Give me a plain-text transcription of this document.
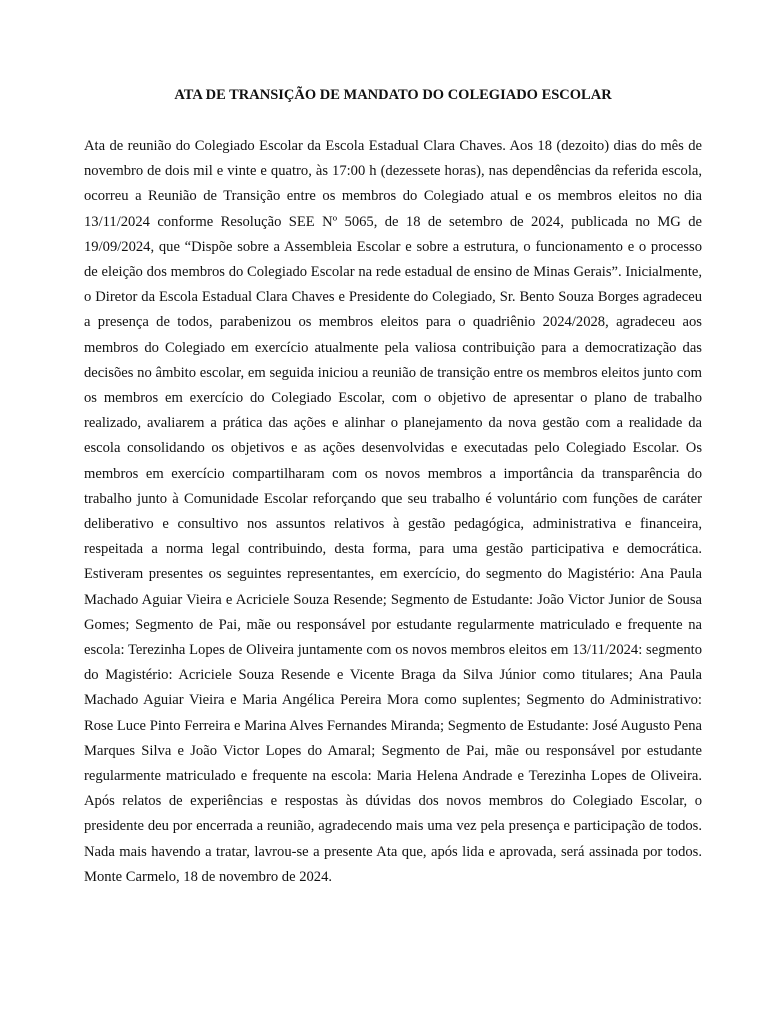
ATA DE TRANSIÇÃO DE MANDATO DO COLEGIADO ESCOLAR

Ata de reunião do Colegiado Escolar da Escola Estadual Clara Chaves. Aos 18 (dezoito) dias do mês de novembro de dois mil e vinte e quatro, às 17:00 h (dezessete horas), nas dependências da referida escola, ocorreu a Reunião de Transição entre os membros do Colegiado atual e os membros eleitos no dia 13/11/2024 conforme Resolução SEE Nº 5065, de 18 de setembro de 2024, publicada no MG de 19/09/2024, que “Dispõe sobre a Assembleia Escolar e sobre a estrutura, o funcionamento e o processo de eleição dos membros do Colegiado Escolar na rede estadual de ensino de Minas Gerais”. Inicialmente, o Diretor da Escola Estadual Clara Chaves e Presidente do Colegiado, Sr. Bento Souza Borges agradeceu a presença de todos, parabenizou os membros eleitos para o quadriênio 2024/2028, agradeceu aos membros do Colegiado em exercício atualmente pela valiosa contribuição para a democratização das decisões no âmbito escolar, em seguida iniciou a reunião de transição entre os membros eleitos junto com os membros em exercício do Colegiado Escolar, com o objetivo de apresentar o plano de trabalho realizado, avaliarem a prática das ações e alinhar o planejamento da nova gestão com a realidade da escola consolidando os objetivos e as ações desenvolvidas e executadas pelo Colegiado Escolar. Os membros em exercício compartilharam com os novos membros a importância da transparência do trabalho junto à Comunidade Escolar reforçando que seu trabalho é voluntário com funções de caráter deliberativo e consultivo nos assuntos relativos à gestão pedagógica, administrativa e financeira, respeitada a norma legal contribuindo, desta forma, para uma gestão participativa e democrática. Estiveram presentes os seguintes representantes, em exercício, do segmento do Magistério: Ana Paula Machado Aguiar Vieira e Acriciele Souza Resende; Segmento de Estudante: João Victor Junior de Sousa Gomes; Segmento de Pai, mãe ou responsável por estudante regularmente matriculado e frequente na escola: Terezinha Lopes de Oliveira juntamente com os novos membros eleitos em 13/11/2024: segmento do Magistério: Acriciele Souza Resende e Vicente Braga da Silva Júnior como titulares; Ana Paula Machado Aguiar Vieira e Maria Angélica Pereira Mora como suplentes; Segmento do Administrativo: Rose Luce Pinto Ferreira e Marina Alves Fernandes Miranda; Segmento de Estudante: José Augusto Pena Marques Silva e João Victor Lopes do Amaral; Segmento de Pai, mãe ou responsável por estudante regularmente matriculado e frequente na escola: Maria Helena Andrade e Terezinha Lopes de Oliveira. Após relatos de experiências e respostas às dúvidas dos novos membros do Colegiado Escolar, o presidente deu por encerrada a reunião, agradecendo mais uma vez pela presença e participação de todos. Nada mais havendo a tratar, lavrou-se a presente Ata que, após lida e aprovada, será assinada por todos. Monte Carmelo, 18 de novembro de 2024.
